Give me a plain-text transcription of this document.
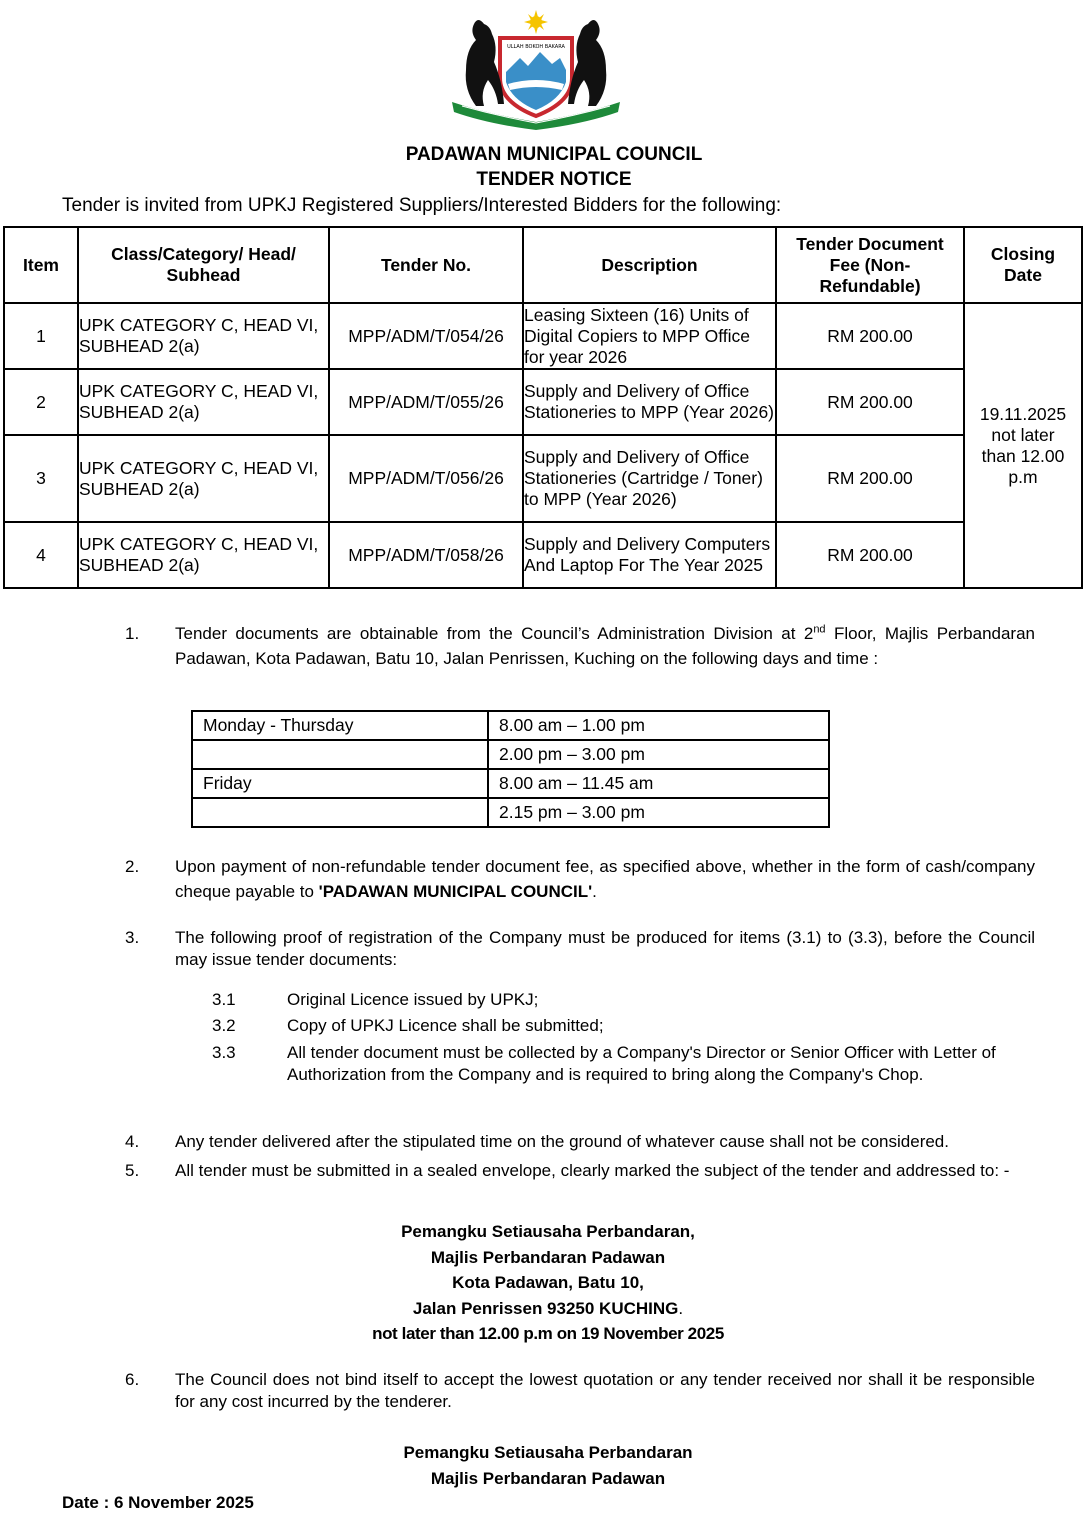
ULLAH BOKOH BAKARA
PADAWAN MUNICIPAL COUNCIL
TENDER NOTICE
Tender is invited from UPKJ Registered Suppliers/Interested Bidders for the following:
Item	Class/Category/ Head/ Subhead	Tender No.	Description	Tender Document Fee (Non-Refundable)	Closing Date
1	UPK CATEGORY C, HEAD VI, SUBHEAD 2(a)	MPP/ADM/T/054/26	Leasing Sixteen (16) Units of Digital Copiers to MPP Office for year 2026	RM 200.00	19.11.2025 not later than 12.00 p.m
2	UPK CATEGORY C, HEAD VI, SUBHEAD 2(a)	MPP/ADM/T/055/26	Supply and Delivery of Office Stationeries to MPP (Year 2026)	RM 200.00	
3	UPK CATEGORY C, HEAD VI, SUBHEAD 2(a)	MPP/ADM/T/056/26	Supply and Delivery of Office Stationeries (Cartridge / Toner) to MPP (Year 2026)	RM 200.00	
4	UPK CATEGORY C, HEAD VI, SUBHEAD 2(a)	MPP/ADM/T/058/26	Supply and Delivery Computers And Laptop For The Year 2025	RM 200.00	
1. Tender documents are obtainable from the Council’s Administration Division at 2nd Floor, Majlis Perbandaran Padawan, Kota Padawan, Batu 10, Jalan Penrissen, Kuching on the following days and time :
Monday - Thursday	8.00 am – 1.00 pm
	2.00 pm – 3.00 pm
Friday	8.00 am – 11.45 am
	2.15 pm – 3.00 pm
2. Upon payment of non-refundable tender document fee, as specified above, whether in the form of cash/company cheque payable to 'PADAWAN MUNICIPAL COUNCIL'.
3. The following proof of registration of the Company must be produced for items (3.1) to (3.3), before the Council may issue tender documents:
3.1	Original Licence issued by UPKJ;
3.2	Copy of UPKJ Licence shall be submitted;
3.3	All tender document must be collected by a Company's Director or Senior Officer with Letter of Authorization from the Company and is required to bring along the Company's Chop.
4. Any tender delivered after the stipulated time on the ground of whatever cause shall not be considered.
5. All tender must be submitted in a sealed envelope, clearly marked the subject of the tender and addressed to: -
Pemangku Setiausaha Perbandaran,
Majlis Perbandaran Padawan
Kota Padawan, Batu 10,
Jalan Penrissen 93250 KUCHING.
not later than 12.00 p.m on 19 November 2025
6. The Council does not bind itself to accept the lowest quotation or any tender received nor shall it be responsible for any cost incurred by the tenderer.
Pemangku Setiausaha Perbandaran
Majlis Perbandaran Padawan
Date : 6 November 2025
